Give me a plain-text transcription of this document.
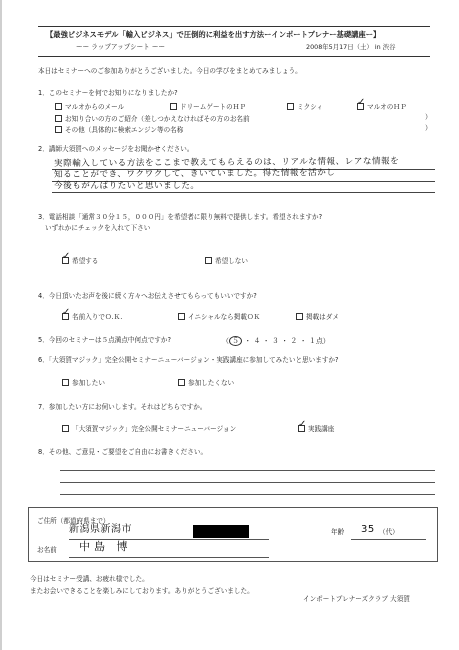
【最強ビジネスモデル「輸入ビジネス」で圧倒的に利益を出す方法ーインポートプレナー基礎講座ー】
ーー ラップアップシート ーー	2008年5月17日（土） in 渋谷
本日はセミナーへのご参加ありがとうございました。今日の学びをまとめてみましょう。
1．このセミナーを何でお知りになりましたか?
マルオからのメール	ドリームゲートのＨＰ	ミクシィ ✓	マルオのＨＰ
お知り合いの方のご紹介（差しつかえなければその方のお名前	）
その他（具体的に検索エンジン等の名称	）
2．講師大須賀へのメッセージをお聞かせください。
実際輸入している方法をここまで教えてもらえるのは、リアルな情報、レアな情報を
知ることができ、ワクワクして、きいていました。得た情報を活かし
今後もがんばりたいと思いました。
3．電話相談「通常３０分１５，０００円」を希望者に限り無料で提供します。希望されますか?
いずれかにチェックを入れて下さい
✓希望する	希望しない
4．今日頂いたお声を後に続く方々へお伝えさせてもらってもいいですか?
✓名前入りでＯ.Ｋ.	イニシャルなら掲載ＯＫ	掲載はダメ
5．今回のセミナーは５点満点中何点ですか?	（ ５ ・ ４ ・ ３ ・ ２ ・ １点）
6．「大須賀マジック」完全公開セミナーニューバージョン・実践講座に参加してみたいと思いますか?
参加したい	参加したくない
7．参加したい方にお伺いします。それはどちらですか。
「大須賀マジック」完全公開セミナーニューバージョン ✓	実践講座
8．その他、ご意見・ご要望をご自由にお書きください。
ご住所（都道府県まで）
新潟県新潟市	年齢 35 （代）
お名前 中島 博
今日はセミナー受講、お疲れ様でした。
またお会いできることを楽しみにしております。ありがとうございました。
インポートプレナーズクラブ 大須賀
